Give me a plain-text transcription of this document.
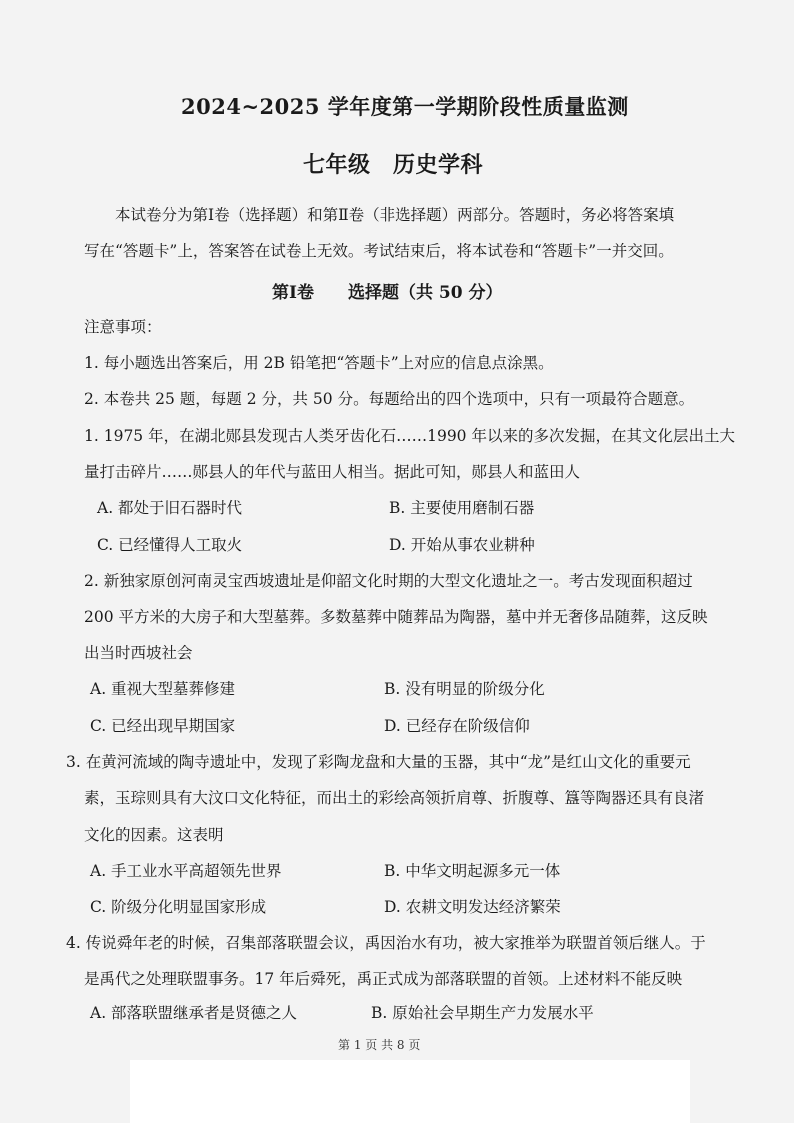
2024~2025 学年度第一学期阶段性质量监测
七年级　历史学科
本试卷分为第Ⅰ卷（选择题）和第Ⅱ卷（非选择题）两部分。答题时，务必将答案填
写在“答题卡”上，答案答在试卷上无效。考试结束后，将本试卷和“答题卡”一并交回。
第Ⅰ卷　　选择题（共 50 分）
注意事项：
1. 每小题选出答案后，用 2B 铅笔把“答题卡”上对应的信息点涂黑。
2. 本卷共 25 题，每题 2 分，共 50 分。每题给出的四个选项中，只有一项最符合题意。
1. 1975 年，在湖北郧县发现古人类牙齿化石……1990 年以来的多次发掘，在其文化层出土大
量打击碎片……郧县人的年代与蓝田人相当。据此可知，郧县人和蓝田人
A. 都处于旧石器时代	B. 主要使用磨制石器
C. 已经懂得人工取火	D. 开始从事农业耕种
2. 新独家原创河南灵宝西坡遗址是仰韶文化时期的大型文化遗址之一。考古发现面积超过
200 平方米的大房子和大型墓葬。多数墓葬中随葬品为陶器，墓中并无奢侈品随葬，这反映
出当时西坡社会
A. 重视大型墓葬修建	B. 没有明显的阶级分化
C. 已经出现早期国家	D. 已经存在阶级信仰
3. 在黄河流域的陶寺遗址中，发现了彩陶龙盘和大量的玉器，其中“龙”是红山文化的重要元
素，玉琮则具有大汶口文化特征，而出土的彩绘高领折肩尊、折腹尊、簋等陶器还具有良渚
文化的因素。这表明
A. 手工业水平高超领先世界	B. 中华文明起源多元一体
C. 阶级分化明显国家形成	D. 农耕文明发达经济繁荣
4. 传说舜年老的时候，召集部落联盟会议，禹因治水有功，被大家推举为联盟首领后继人。于
是禹代之处理联盟事务。17 年后舜死，禹正式成为部落联盟的首领。上述材料不能反映
A. 部落联盟继承者是贤德之人	B. 原始社会早期生产力发展水平
第 1 页 共 8 页
